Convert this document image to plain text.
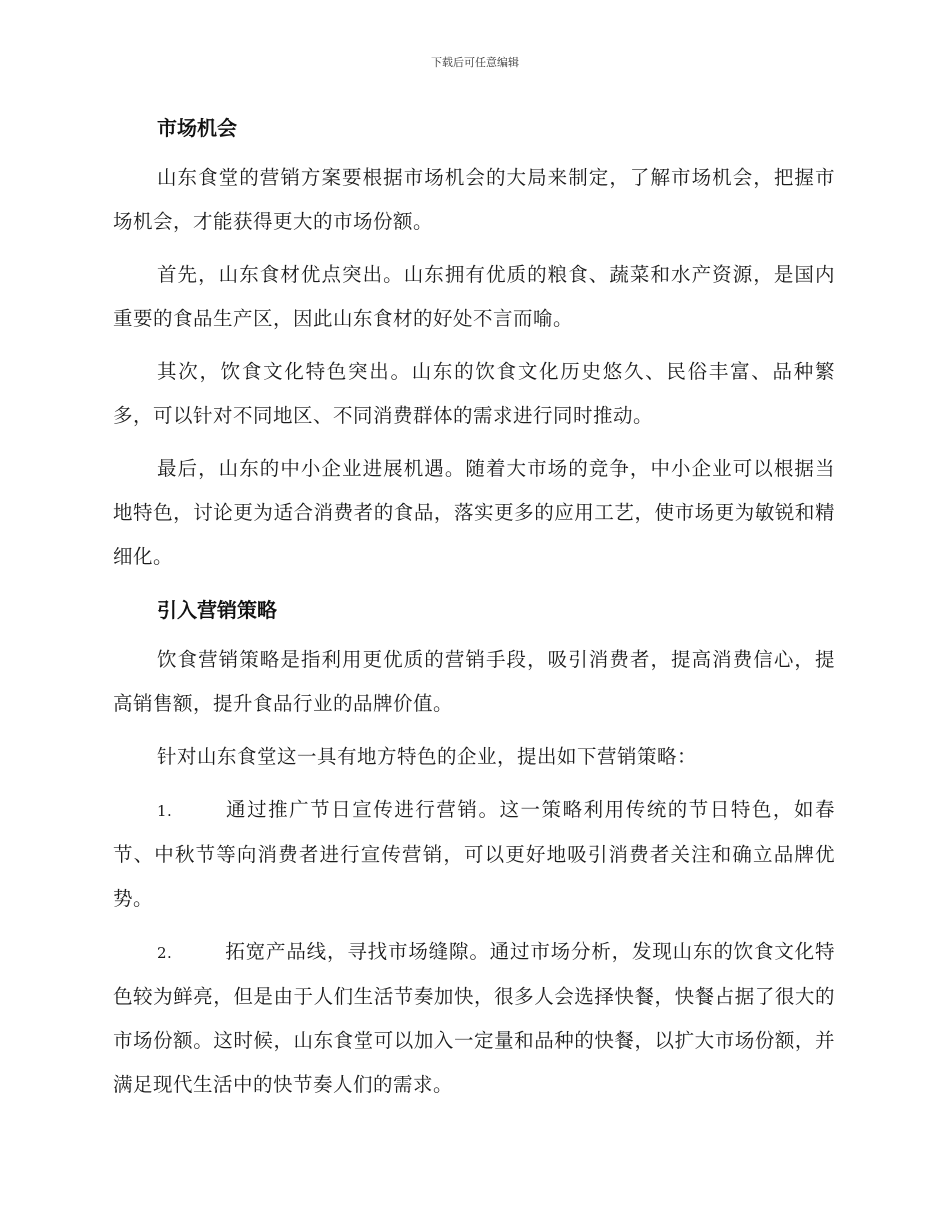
下载后可任意编辑
市场机会

山东食堂的营销方案要根据市场机会的大局来制定，了解市场机会，把握市场机会，才能获得更大的市场份额。

首先，山东食材优点突出。山东拥有优质的粮食、蔬菜和水产资源，是国内重要的食品生产区，因此山东食材的好处不言而喻。

其次，饮食文化特色突出。山东的饮食文化历史悠久、民俗丰富、品种繁多，可以针对不同地区、不同消费群体的需求进行同时推动。

最后，山东的中小企业进展机遇。随着大市场的竞争，中小企业可以根据当地特色，讨论更为适合消费者的食品，落实更多的应用工艺，使市场更为敏锐和精细化。

引入营销策略

饮食营销策略是指利用更优质的营销手段，吸引消费者，提高消费信心，提高销售额，提升食品行业的品牌价值。

针对山东食堂这一具有地方特色的企业，提出如下营销策略：

1.	通过推广节日宣传进行营销。这一策略利用传统的节日特色，如春节、中秋节等向消费者进行宣传营销，可以更好地吸引消费者关注和确立品牌优势。

2.	拓宽产品线，寻找市场缝隙。通过市场分析，发现山东的饮食文化特色较为鲜亮，但是由于人们生活节奏加快，很多人会选择快餐，快餐占据了很大的市场份额。这时候，山东食堂可以加入一定量和品种的快餐，以扩大市场份额，并满足现代生活中的快节奏人们的需求。
